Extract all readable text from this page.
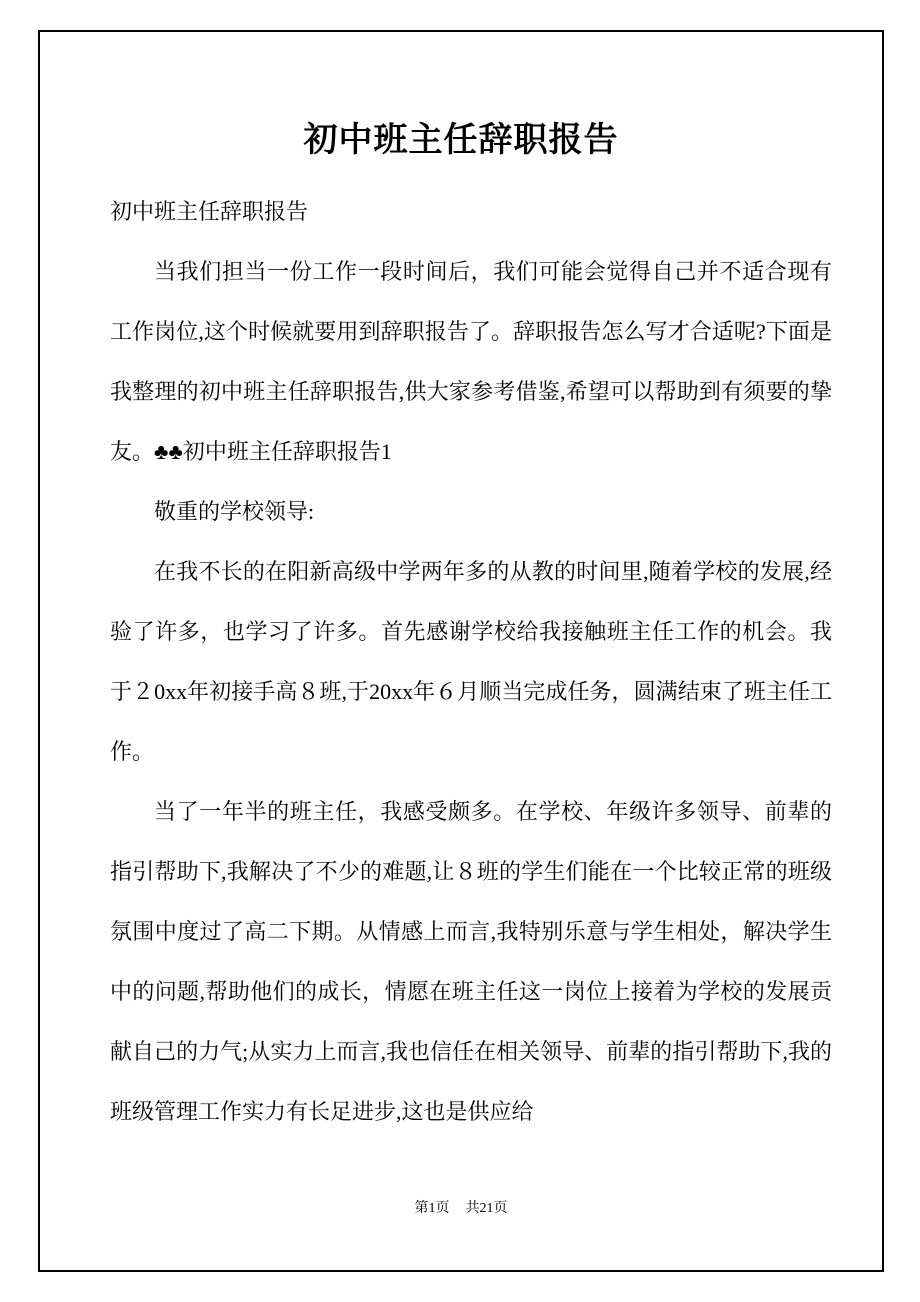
初中班主任辞职报告

初中班主任辞职报告

当我们担当一份工作一段时间后，我们可能会觉得自己并不适合现有工作岗位,这个时候就要用到辞职报告了。辞职报告怎么写才合适呢?下面是我整理的初中班主任辞职报告,供大家参考借鉴,希望可以帮助到有须要的挚友。♣♣初中班主任辞职报告1

敬重的学校领导:

在我不长的在阳新高级中学两年多的从教的时间里,随着学校的发展,经验了许多，也学习了许多。首先感谢学校给我接触班主任工作的机会。我于２0xx年初接手高８班,于20xx年６月顺当完成任务，圆满结束了班主任工作。

当了一年半的班主任，我感受颇多。在学校、年级许多领导、前辈的指引帮助下,我解决了不少的难题,让８班的学生们能在一个比较正常的班级氛围中度过了高二下期。从情感上而言,我特别乐意与学生相处，解决学生中的问题,帮助他们的成长，情愿在班主任这一岗位上接着为学校的发展贡献自己的力气;从实力上而言,我也信任在相关领导、前辈的指引帮助下,我的班级管理工作实力有长足进步,这也是供应给

第1页 共21页
